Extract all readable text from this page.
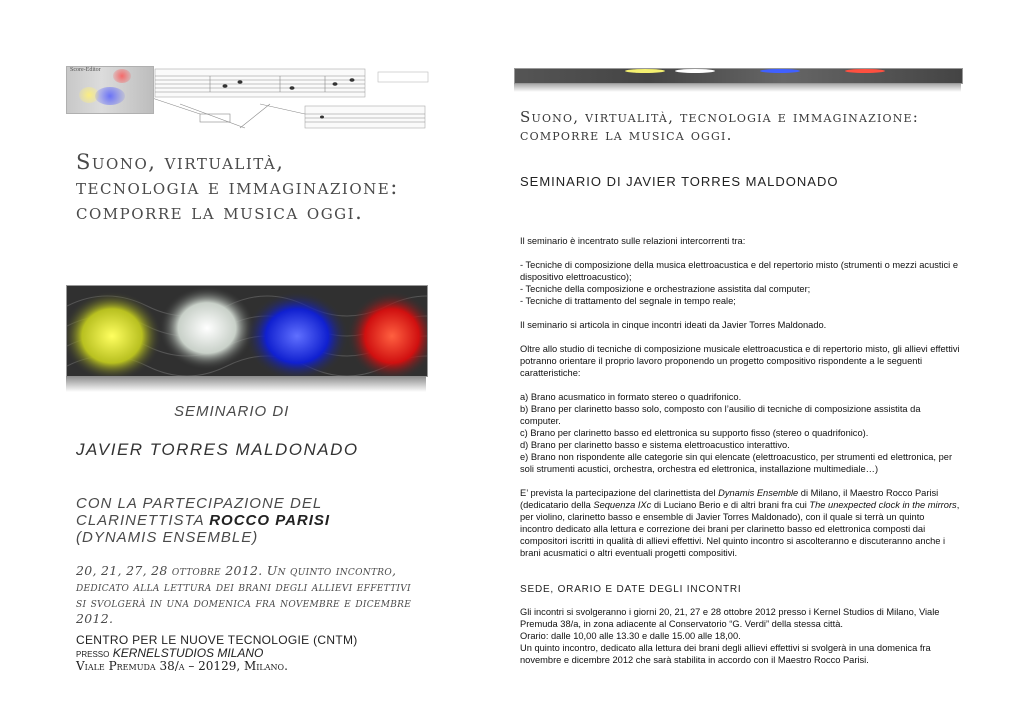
Score-Editor
Suono, virtualità, tecnologia e immaginazione: comporre la musica oggi.
SEMINARIO DI
JAVIER TORRES MALDONADO
CON LA PARTECIPAZIONE DEL CLARINETTISTA ROCCO PARISI
(DYNAMIS ENSEMBLE)
20, 21, 27, 28 ottobre 2012. Un quinto incontro, dedicato alla lettura dei brani degli allievi effettivi si svolgerà in una domenica fra novembre e dicembre 2012.
CENTRO PER LE NUOVE TECNOLOGIE (CNTM)
presso KERNELSTUDIOS MILANO
Viale Premuda 38/a – 20129, Milano.
Suono, virtualità, tecnologia e immaginazione: comporre la musica oggi.
SEMINARIO DI JAVIER TORRES MALDONADO

Il seminario è incentrato sulle relazioni intercorrenti tra:

- Tecniche di composizione della musica elettroacustica e del repertorio misto (strumenti o mezzi acustici e dispositivo elettroacustico);
- Tecniche della composizione e orchestrazione assistita dal computer;
- Tecniche di trattamento del segnale in tempo reale;

Il seminario si articola in cinque incontri ideati da Javier Torres Maldonado.

Oltre allo studio di tecniche di composizione musicale elettroacustica e di repertorio misto, gli allievi effettivi potranno orientare il proprio lavoro proponendo un progetto compositivo rispondente a le seguenti caratteristiche:

a) Brano acusmatico in formato stereo o quadrifonico.
b) Brano per clarinetto basso solo, composto con l’ausilio di tecniche di composizione assistita da computer.
c) Brano per clarinetto basso ed elettronica su supporto fisso (stereo o quadrifonico).
d) Brano per clarinetto basso e sistema elettroacustico interattivo.
e) Brano non rispondente alle categorie sin qui elencate (elettroacustico, per strumenti ed elettronica, per soli strumenti acustici, orchestra, orchestra ed elettronica, installazione multimediale…)

E’ prevista la partecipazione del clarinettista del Dynamis Ensemble di Milano, il Maestro Rocco Parisi (dedicatario della Sequenza IXc di Luciano Berio e di altri brani fra cui The unexpected clock in the mirrors, per violino, clarinetto basso e ensemble di Javier Torres Maldonado), con il quale si terrà un quinto incontro dedicato alla lettura e correzione dei brani per clarinetto basso ed elettronica composti dai compositori iscritti in qualità di allievi effettivi. Nel quinto incontro si ascolteranno e discuteranno anche i brani acusmatici o altri eventuali progetti compositivi.

SEDE, ORARIO E DATE DEGLI INCONTRI
Gli incontri si svolgeranno i giorni 20, 21, 27 e 28 ottobre 2012 presso i Kernel Studios di Milano, Viale Premuda 38/a, in zona adiacente al Conservatorio “G. Verdi” della stessa città.
Orario: dalle 10,00 alle 13.30 e dalle 15.00 alle 18,00.
Un quinto incontro, dedicato alla lettura dei brani degli allievi effettivi si svolgerà in una domenica fra novembre e dicembre 2012 che sarà stabilita in accordo con il Maestro Rocco Parisi.
